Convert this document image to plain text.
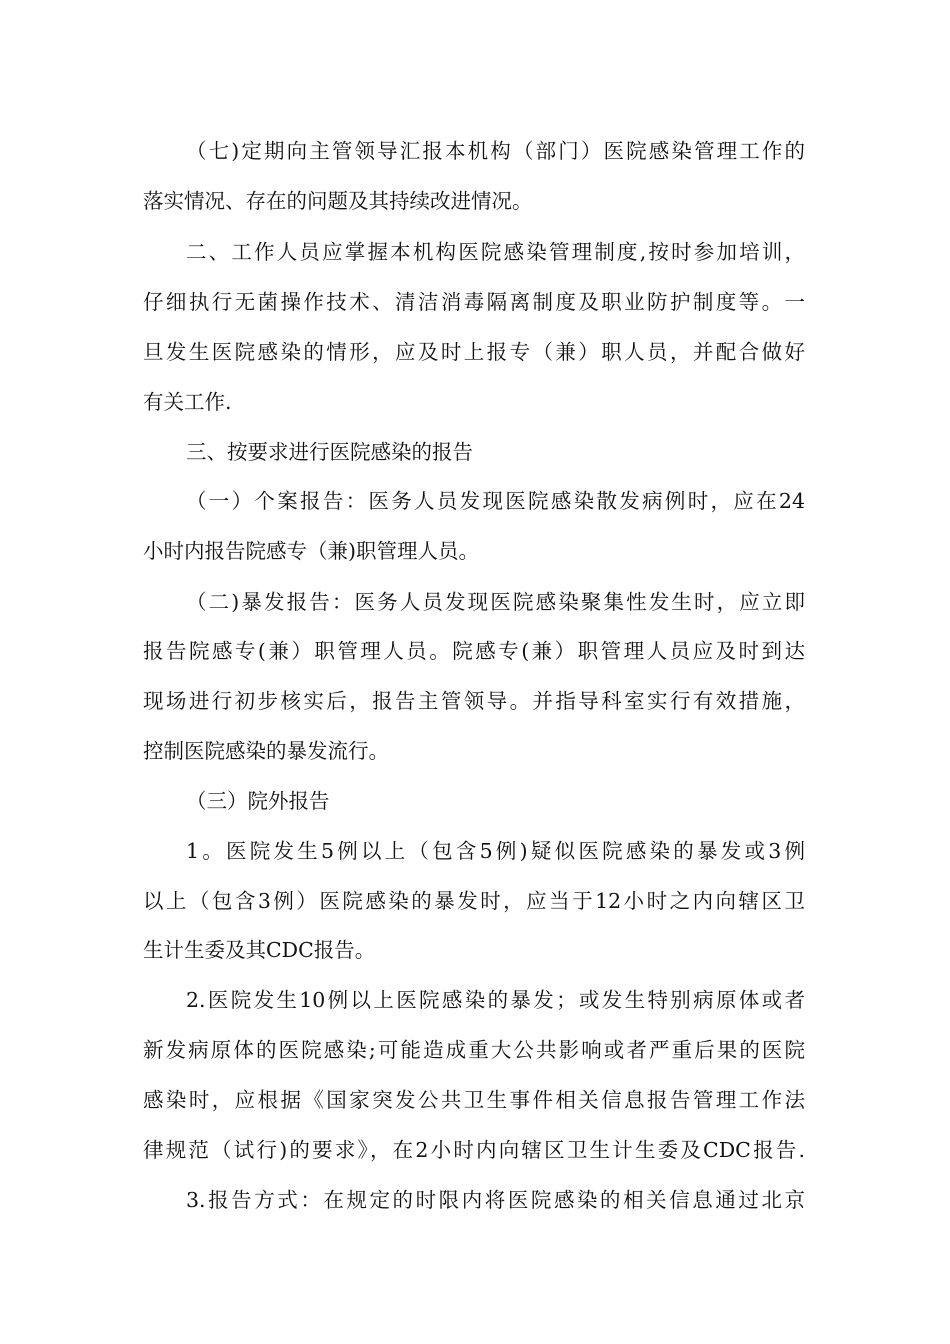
（七)定期向主管领导汇报本机构（部门）医院感染管理工作的
落实情况、存在的问题及其持续改进情况。
二、工作人员应掌握本机构医院感染管理制度,按时参加培训，
仔细执行无菌操作技术、清洁消毒隔离制度及职业防护制度等。一
旦发生医院感染的情形，应及时上报专（兼）职人员，并配合做好
有关工作.
三、按要求进行医院感染的报告
（一）个案报告：医务人员发现医院感染散发病例时，应在24
小时内报告院感专（兼)职管理人员。
（二)暴发报告：医务人员发现医院感染聚集性发生时，应立即
报告院感专(兼）职管理人员。院感专(兼）职管理人员应及时到达
现场进行初步核实后，报告主管领导。并指导科室实行有效措施，
控制医院感染的暴发流行。
（三）院外报告
1。医院发生5例以上（包含5例)疑似医院感染的暴发或3例
以上（包含3例）医院感染的暴发时，应当于12小时之内向辖区卫
生计生委及其CDC报告。
2.医院发生10例以上医院感染的暴发；或发生特别病原体或者
新发病原体的医院感染;可能造成重大公共影响或者严重后果的医院
感染时，应根据《国家突发公共卫生事件相关信息报告管理工作法
律规范（试行)的要求》，在2小时内向辖区卫生计生委及CDC报告.
3.报告方式：在规定的时限内将医院感染的相关信息通过北京
